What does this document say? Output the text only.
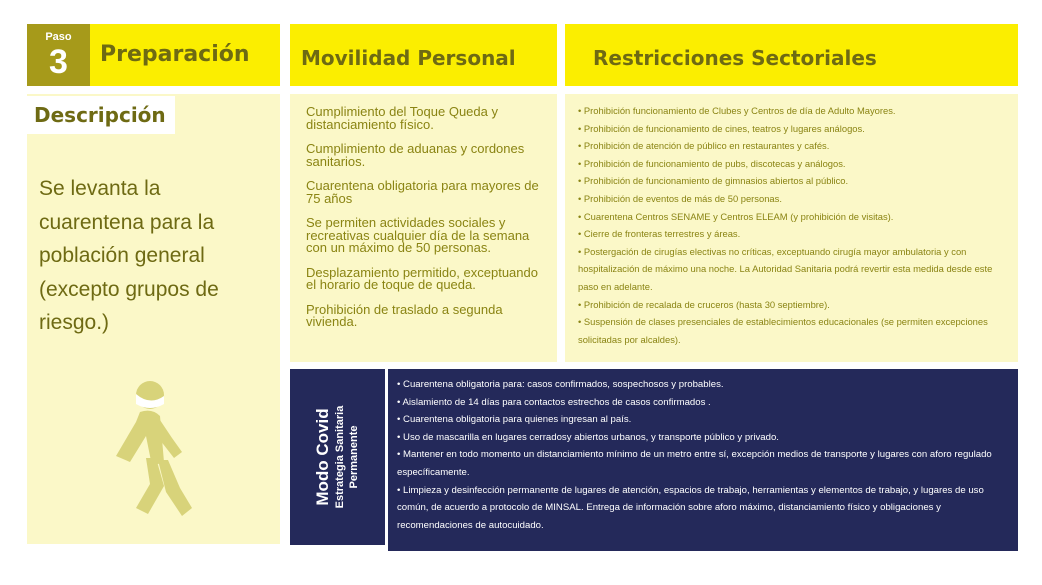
Paso
3	Preparación	Movilidad Personal	Restricciones Sectoriales
Descripción
Se levanta la cuarentena para la población general (excepto grupos de riesgo.)
Cumplimiento del Toque Queda y distanciamiento físico.
Cumplimiento de aduanas y cordones sanitarios.
Cuarentena obligatoria para mayores de 75 años
Se permiten actividades sociales y recreativas cualquier día de la semana con un máximo de 50 personas.
Desplazamiento permitido, exceptuando el horario de toque de queda.
Prohibición de traslado a segunda vivienda.
• Prohibición funcionamiento de Clubes y Centros de día de Adulto Mayores.
• Prohibición de funcionamiento de cines, teatros y lugares análogos.
• Prohibición de atención de público en restaurantes y cafés.
• Prohibición de funcionamiento de pubs, discotecas y análogos.
• Prohibición de funcionamiento de gimnasios abiertos al público.
• Prohibición de eventos de más de 50 personas.
• Cuarentena Centros SENAME y Centros ELEAM (y prohibición de visitas).
• Cierre de fronteras terrestres y áreas.
• Postergación de cirugías electivas no críticas, exceptuando cirugía mayor ambulatoria y con hospitalización de máximo una noche. La Autoridad Sanitaria podrá revertir esta medida desde este paso en adelante.
• Prohibición de recalada de cruceros (hasta 30 septiembre).
• Suspensión de clases presenciales de establecimientos educacionales (se permiten excepciones solicitadas por alcaldes).
Modo Covid Estrategia Sanitaria Permanente
• Cuarentena obligatoria para: casos confirmados, sospechosos y probables.
• Aislamiento de 14 días para contactos estrechos de casos confirmados .
• Cuarentena obligatoria para quienes ingresan al país.
• Uso de mascarilla en lugares cerradosy abiertos urbanos, y transporte público y privado.
• Mantener en todo momento un distanciamiento mínimo de un metro entre sí, excepción medios de transporte y lugares con aforo regulado específicamente.
• Limpieza y desinfección permanente de lugares de atención, espacios de trabajo, herramientas y elementos de trabajo, y lugares de uso común, de acuerdo a protocolo de MINSAL. Entrega de información sobre aforo máximo, distanciamiento físico y obligaciones y recomendaciones de autocuidado.
